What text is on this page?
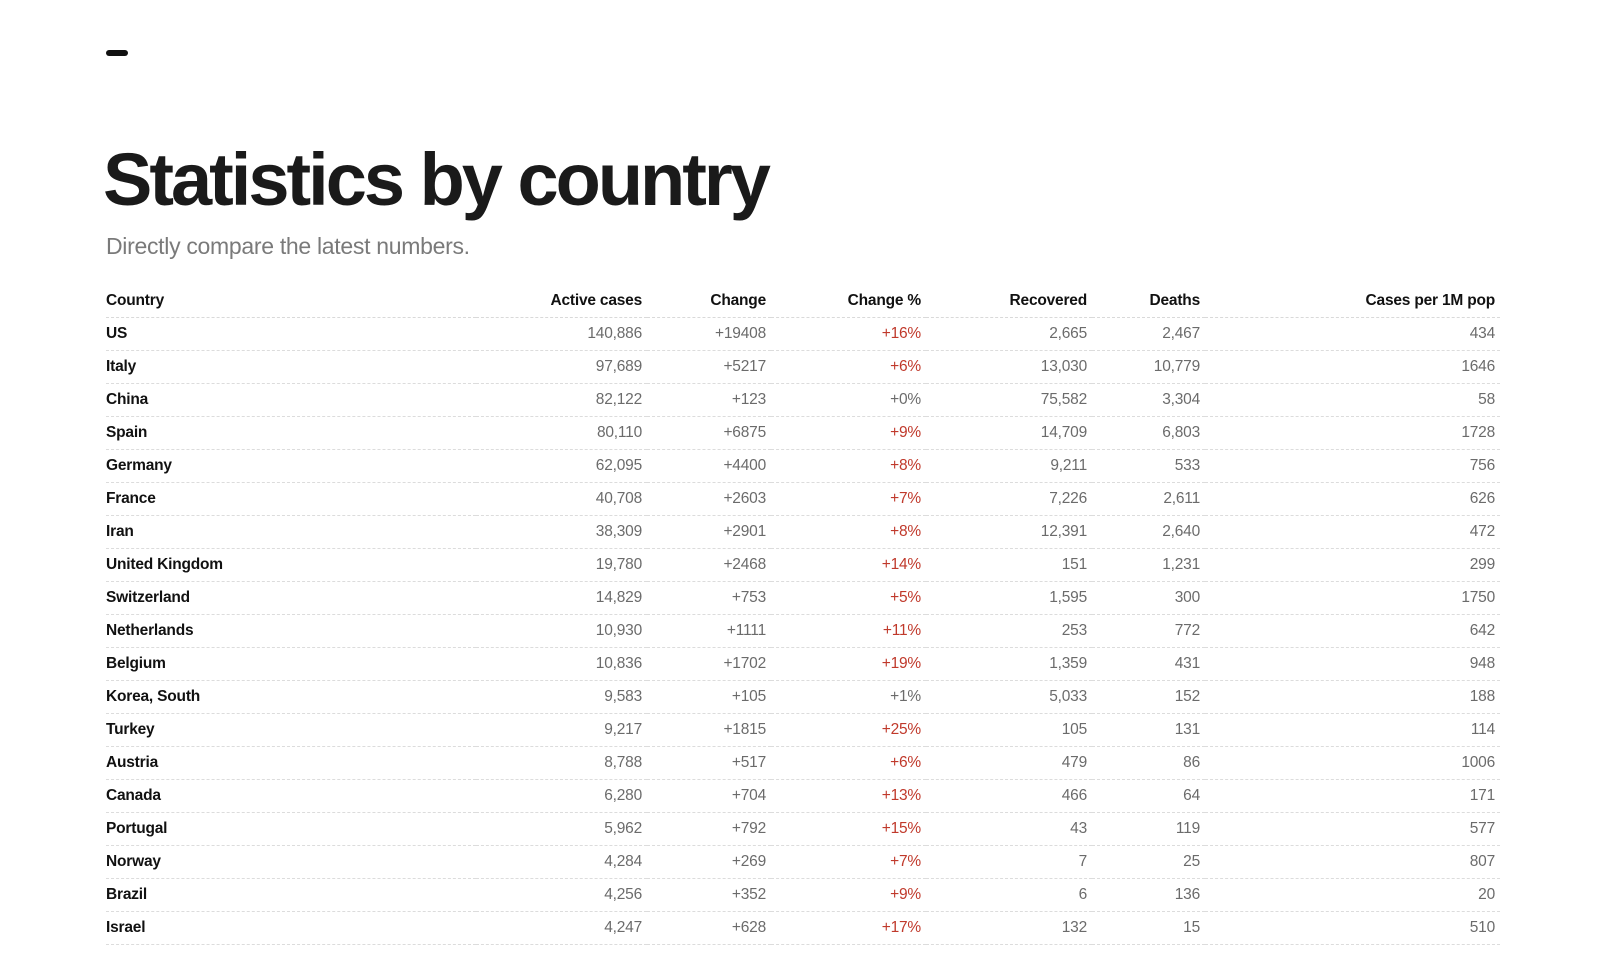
Statistics by country

Directly compare the latest numbers.

Country	Active cases	Change	Change %	Recovered	Deaths	Cases per 1M pop
US	140,886	+19408	+16%	2,665	2,467	434
Italy	97,689	+5217	+6%	13,030	10,779	1646
China	82,122	+123	+0%	75,582	3,304	58
Spain	80,110	+6875	+9%	14,709	6,803	1728
Germany	62,095	+4400	+8%	9,211	533	756
France	40,708	+2603	+7%	7,226	2,611	626
Iran	38,309	+2901	+8%	12,391	2,640	472
United Kingdom	19,780	+2468	+14%	151	1,231	299
Switzerland	14,829	+753	+5%	1,595	300	1750
Netherlands	10,930	+1111	+11%	253	772	642
Belgium	10,836	+1702	+19%	1,359	431	948
Korea, South	9,583	+105	+1%	5,033	152	188
Turkey	9,217	+1815	+25%	105	131	114
Austria	8,788	+517	+6%	479	86	1006
Canada	6,280	+704	+13%	466	64	171
Portugal	5,962	+792	+15%	43	119	577
Norway	4,284	+269	+7%	7	25	807
Brazil	4,256	+352	+9%	6	136	20
Israel	4,247	+628	+17%	132	15	510
